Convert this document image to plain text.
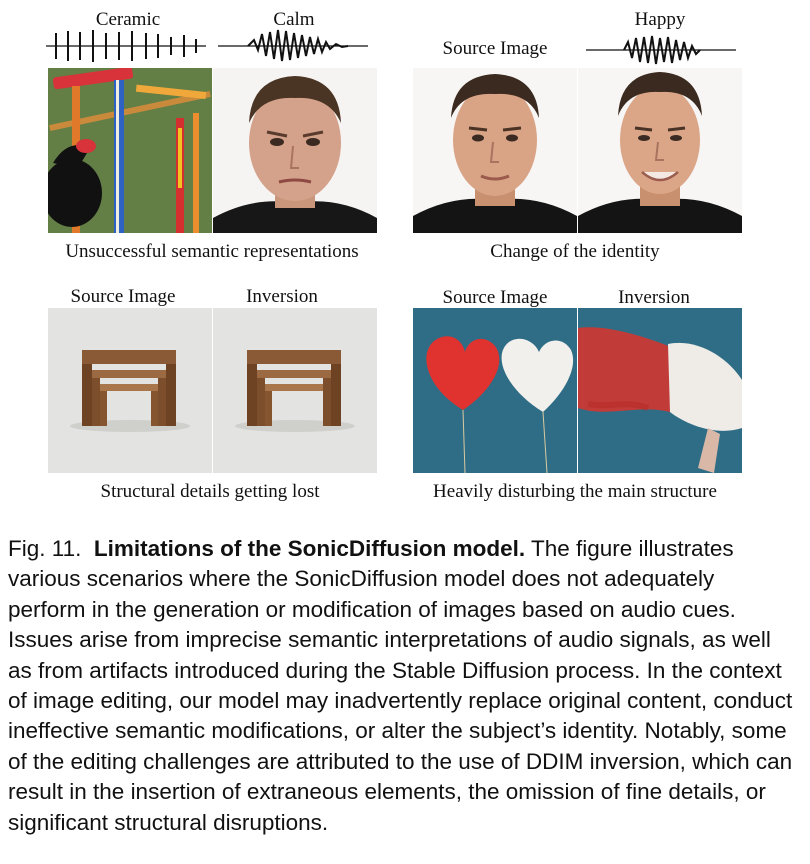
Ceramic	Calm
Unsuccessful semantic representations
Source Image
Happy
Change of the identity
Source Image	Inversion
Structural details getting lost
Source Image	Inversion
Heavily disturbing the main structure
Fig. 11. Limitations of the SonicDiffusion model. The figure illustrates various scenarios where the SonicDiffusion model does not adequately perform in the generation or modification of images based on audio cues. Issues arise from imprecise semantic interpretations of audio signals, as well as from artifacts introduced during the Stable Diffusion process. In the context of image editing, our model may inadvertently replace original content, conduct ineffective semantic modifications, or alter the subject’s identity. Notably, some of the editing challenges are attributed to the use of DDIM inversion, which can result in the insertion of extraneous elements, the omission of fine details, or significant structural disruptions.
